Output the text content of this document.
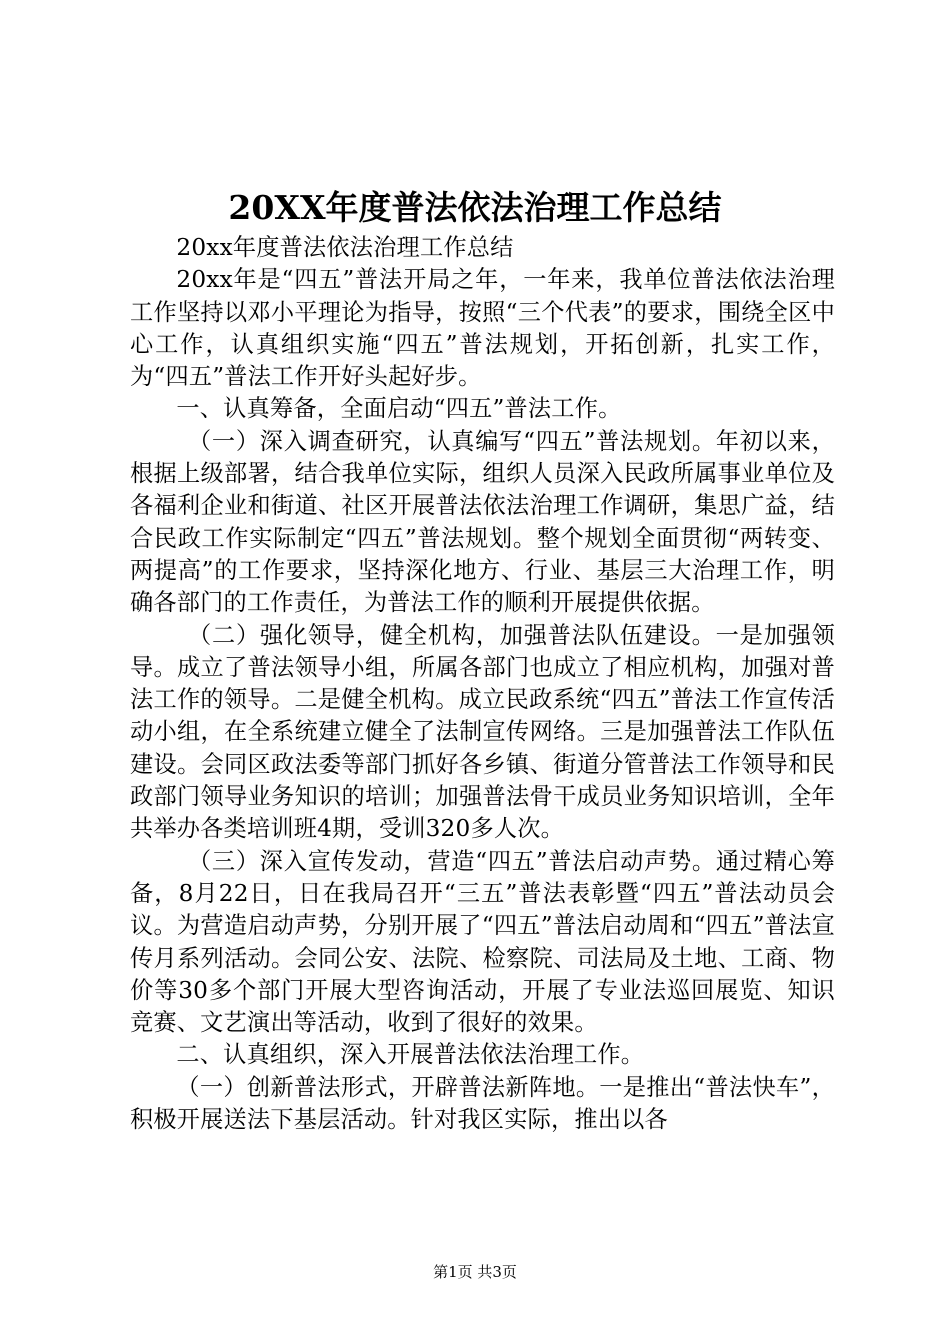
20XX年度普法依法治理工作总结

20xx年度普法依法治理工作总结

20xx年是“四五”普法开局之年，一年来，我单位普法依法治理工作坚持以邓小平理论为指导，按照“三个代表”的要求，围绕全区中心工作，认真组织实施“四五”普法规划，开拓创新，扎实工作，为“四五”普法工作开好头起好步。

一、认真筹备，全面启动“四五”普法工作。

（一）深入调查研究，认真编写“四五”普法规划。年初以来，根据上级部署，结合我单位实际，组织人员深入民政所属事业单位及各福利企业和街道、社区开展普法依法治理工作调研，集思广益，结合民政工作实际制定“四五”普法规划。整个规划全面贯彻“两转变、两提高”的工作要求，坚持深化地方、行业、基层三大治理工作，明确各部门的工作责任，为普法工作的顺利开展提供依据。

（二）强化领导，健全机构，加强普法队伍建设。一是加强领导。成立了普法领导小组，所属各部门也成立了相应机构，加强对普法工作的领导。二是健全机构。成立民政系统“四五”普法工作宣传活动小组，在全系统建立健全了法制宣传网络。三是加强普法工作队伍建设。会同区政法委等部门抓好各乡镇、街道分管普法工作领导和民政部门领导业务知识的培训；加强普法骨干成员业务知识培训，全年共举办各类培训班4期，受训320多人次。

（三）深入宣传发动，营造“四五”普法启动声势。通过精心筹备，8月22日，日在我局召开“三五”普法表彰暨“四五”普法动员会议。为营造启动声势，分别开展了“四五”普法启动周和“四五”普法宣传月系列活动。会同公安、法院、检察院、司法局及土地、工商、物价等30多个部门开展大型咨询活动，开展了专业法巡回展览、知识竞赛、文艺演出等活动，收到了很好的效果。

二、认真组织，深入开展普法依法治理工作。

（一）创新普法形式，开辟普法新阵地。一是推出“普法快车”，积极开展送法下基层活动。针对我区实际，推出以各

第1页 共3页
